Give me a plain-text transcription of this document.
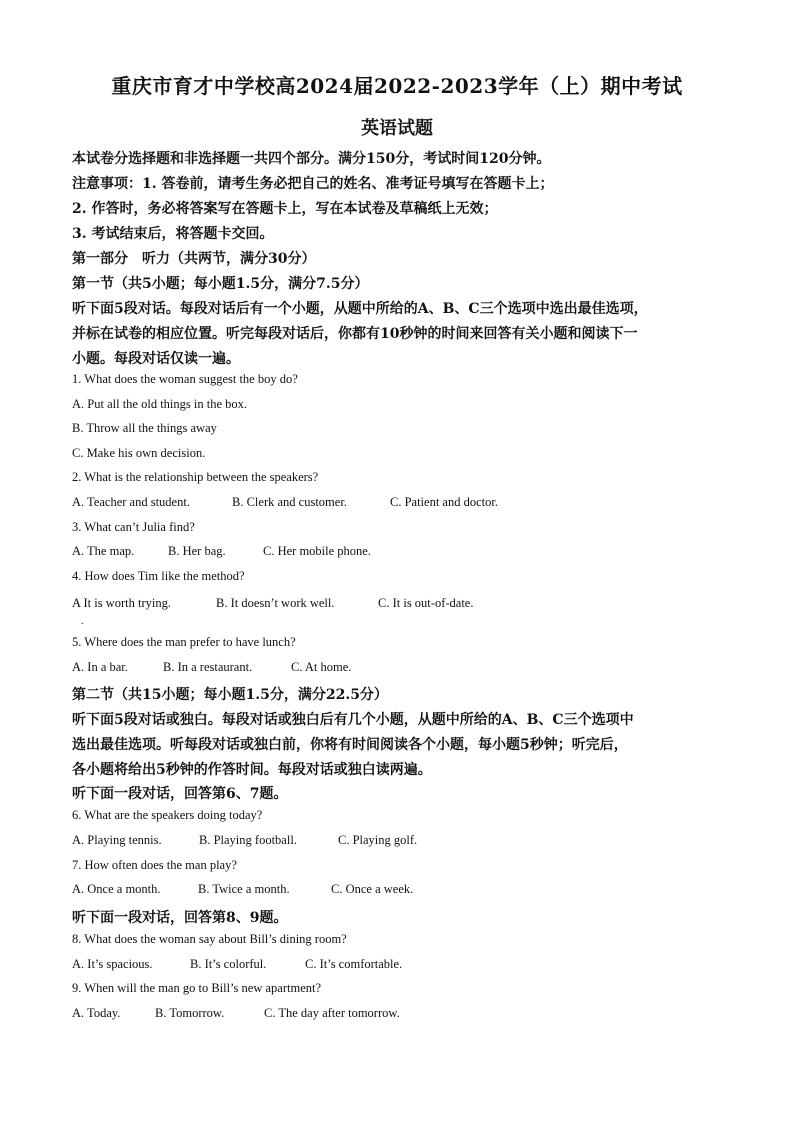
重庆市育才中学校高2024届2022-2023学年（上）期中考试
英语试题
本试卷分选择题和非选择题一共四个部分。满分150分，考试时间120分钟。
注意事项：1. 答卷前，请考生务必把自己的姓名、准考证号填写在答题卡上；
2. 作答时，务必将答案写在答题卡上，写在本试卷及草稿纸上无效；
3. 考试结束后，将答题卡交回。
第一部分　听力（共两节，满分30分）
第一节（共5小题；每小题1.5分，满分7.5分）
听下面5段对话。每段对话后有一个小题，从题中所给的A、B、C三个选项中选出最佳选项，
并标在试卷的相应位置。听完每段对话后，你都有10秒钟的时间来回答有关小题和阅读下一
小题。每段对话仅读一遍。
1. What does the woman suggest the boy do?
A. Put all the old things in the box.
B. Throw all the things away
C. Make his own decision.
2. What is the relationship between the speakers?
A. Teacher and student.	B. Clerk and customer.	C. Patient and doctor.
3. What can’t Julia find?
A. The map.	B. Her bag.	C. Her mobile phone.
4. How does Tim like the method?
A It is worth trying.	B. It doesn’t work well.	C. It is out-of-date.
.
5. Where does the man prefer to have lunch?
A. In a bar.	B. In a restaurant.	C. At home.
第二节（共15小题；每小题1.5分，满分22.5分）
听下面5段对话或独白。每段对话或独白后有几个小题，从题中所给的A、B、C三个选项中
选出最佳选项。听每段对话或独白前，你将有时间阅读各个小题，每小题5秒钟；听完后，
各小题将给出5秒钟的作答时间。每段对话或独白读两遍。
听下面一段对话，回答第6、7题。
6. What are the speakers doing today?
A. Playing tennis.	B. Playing football.	C. Playing golf.
7. How often does the man play?
A. Once a month.	B. Twice a month.	C. Once a week.
听下面一段对话，回答第8、9题。
8. What does the woman say about Bill’s dining room?
A. It’s spacious.	B. It’s colorful.	C. It’s comfortable.
9. When will the man go to Bill’s new apartment?
A. Today.	B. Tomorrow.	C. The day after tomorrow.
